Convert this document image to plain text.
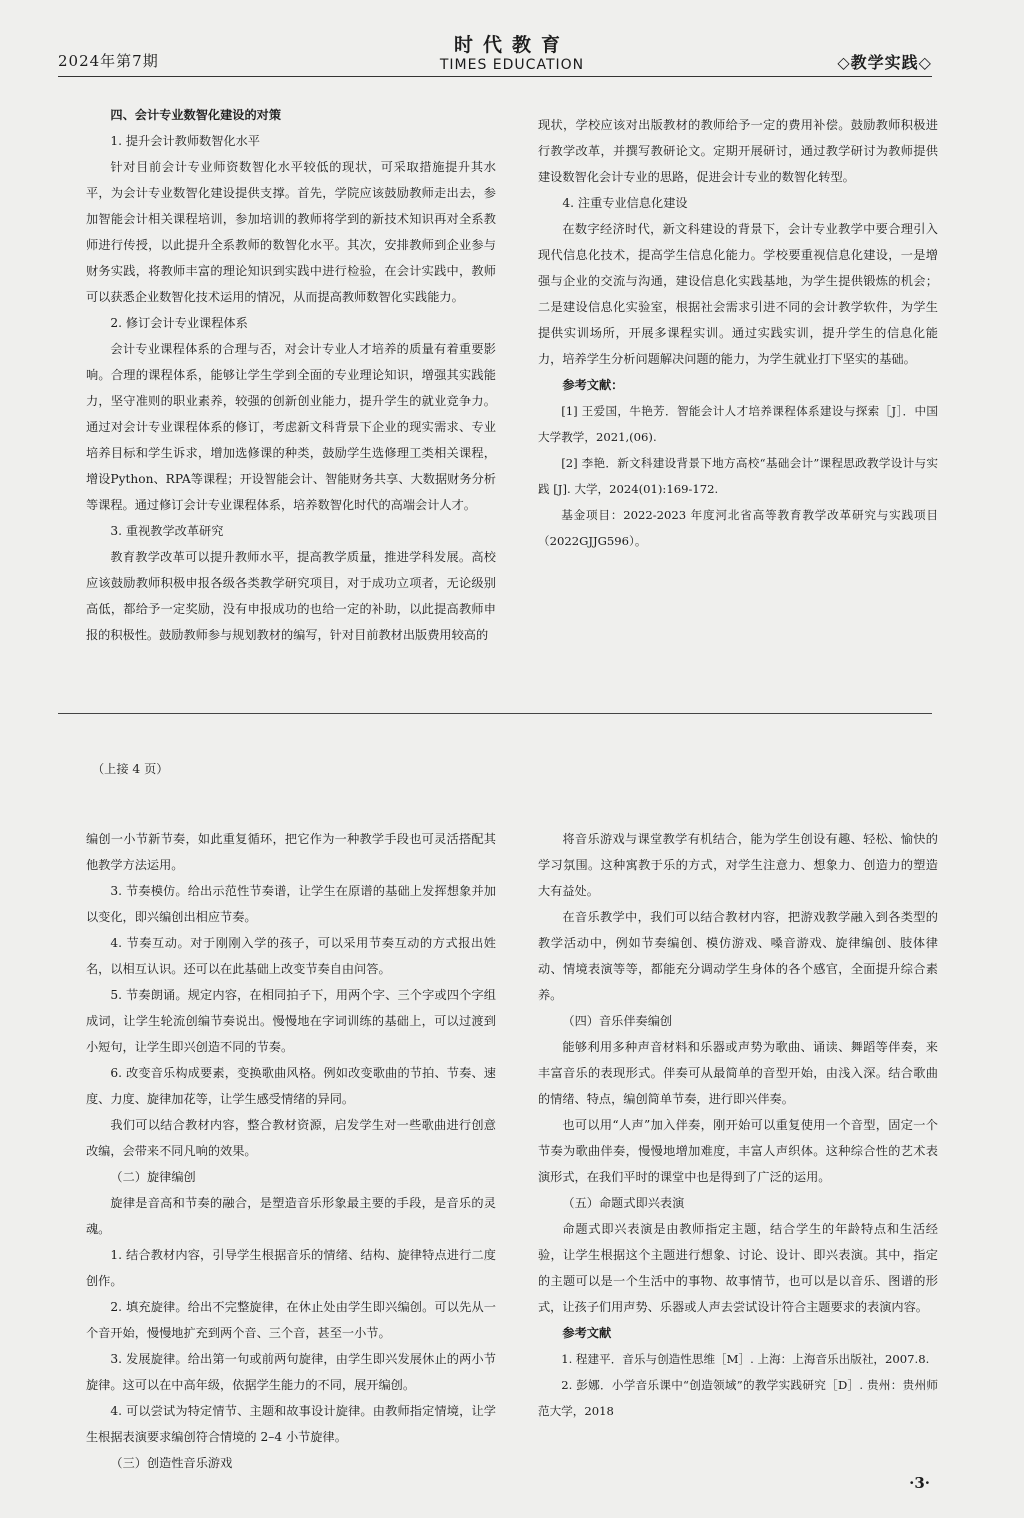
2024年第7期
时代教育
TIMES EDUCATION	◇教学实践◇

四、会计专业数智化建设的对策

1. 提升会计教师数智化水平

针对目前会计专业师资数智化水平较低的现状，可采取措施提升其水平，为会计专业数智化建设提供支撑。首先，学院应该鼓励教师走出去，参加智能会计相关课程培训，参加培训的教师将学到的新技术知识再对全系教师进行传授，以此提升全系教师的数智化水平。其次，安排教师到企业参与财务实践，将教师丰富的理论知识到实践中进行检验，在会计实践中，教师可以获悉企业数智化技术运用的情况，从而提高教师数智化实践能力。

2. 修订会计专业课程体系

会计专业课程体系的合理与否，对会计专业人才培养的质量有着重要影响。合理的课程体系，能够让学生学到全面的专业理论知识，增强其实践能力，坚守准则的职业素养，较强的创新创业能力，提升学生的就业竞争力。通过对会计专业课程体系的修订，考虑新文科背景下企业的现实需求、专业培养目标和学生诉求，增加选修课的种类，鼓励学生选修理工类相关课程，增设Python、RPA等课程；开设智能会计、智能财务共享、大数据财务分析等课程。通过修订会计专业课程体系，培养数智化时代的高端会计人才。

3. 重视教学改革研究

教育教学改革可以提升教师水平，提高教学质量，推进学科发展。高校应该鼓励教师积极申报各级各类教学研究项目，对于成功立项者，无论级别高低，都给予一定奖励，没有申报成功的也给一定的补助，以此提高教师申报的积极性。鼓励教师参与规划教材的编写，针对目前教材出版费用较高的

现状，学校应该对出版教材的教师给予一定的费用补偿。鼓励教师积极进行教学改革，并撰写教研论文。定期开展研讨，通过教学研讨为教师提供建设数智化会计专业的思路，促进会计专业的数智化转型。

4. 注重专业信息化建设

在数字经济时代，新文科建设的背景下，会计专业教学中要合理引入现代信息化技术，提高学生信息化能力。学校要重视信息化建设，一是增强与企业的交流与沟通，建设信息化实践基地，为学生提供锻炼的机会；二是建设信息化实验室，根据社会需求引进不同的会计教学软件，为学生提供实训场所，开展多课程实训。通过实践实训，提升学生的信息化能力，培养学生分析问题解决问题的能力，为学生就业打下坚实的基础。

参考文献：

[1] 王爱国，牛艳芳．智能会计人才培养课程体系建设与探索［J］．中国大学教学，2021,(06).

[2] 李艳．新文科建设背景下地方高校“基础会计”课程思政教学设计与实践 [J]. 大学，2024(01):169-172.

基金项目：2022-2023 年度河北省高等教育教学改革研究与实践项目（2022GJJG596）。

（上接 4 页）

编创一小节新节奏，如此重复循环，把它作为一种教学手段也可灵活搭配其他教学方法运用。

3. 节奏模仿。给出示范性节奏谱，让学生在原谱的基础上发挥想象并加以变化，即兴编创出相应节奏。

4. 节奏互动。对于刚刚入学的孩子，可以采用节奏互动的方式报出姓名，以相互认识。还可以在此基础上改变节奏自由问答。

5. 节奏朗诵。规定内容，在相同拍子下，用两个字、三个字或四个字组成词，让学生轮流创编节奏说出。慢慢地在字词训练的基础上，可以过渡到小短句，让学生即兴创造不同的节奏。

6. 改变音乐构成要素，变换歌曲风格。例如改变歌曲的节拍、节奏、速度、力度、旋律加花等，让学生感受情绪的异同。

我们可以结合教材内容，整合教材资源，启发学生对一些歌曲进行创意改编，会带来不同凡响的效果。

（二）旋律编创

旋律是音高和节奏的融合，是塑造音乐形象最主要的手段，是音乐的灵魂。

1. 结合教材内容，引导学生根据音乐的情绪、结构、旋律特点进行二度创作。

2. 填充旋律。给出不完整旋律，在休止处由学生即兴编创。可以先从一个音开始，慢慢地扩充到两个音、三个音，甚至一小节。

3. 发展旋律。给出第一句或前两句旋律，由学生即兴发展休止的两小节旋律。这可以在中高年级，依据学生能力的不同，展开编创。

4. 可以尝试为特定情节、主题和故事设计旋律。由教师指定情境，让学生根据表演要求编创符合情境的 2–4 小节旋律。

（三）创造性音乐游戏

将音乐游戏与课堂教学有机结合，能为学生创设有趣、轻松、愉快的学习氛围。这种寓教于乐的方式，对学生注意力、想象力、创造力的塑造大有益处。

在音乐教学中，我们可以结合教材内容，把游戏教学融入到各类型的教学活动中，例如节奏编创、模仿游戏、嗓音游戏、旋律编创、肢体律动、情境表演等等，都能充分调动学生身体的各个感官，全面提升综合素养。

（四）音乐伴奏编创

能够利用多种声音材料和乐器或声势为歌曲、诵读、舞蹈等伴奏，来丰富音乐的表现形式。伴奏可从最简单的音型开始，由浅入深。结合歌曲的情绪、特点，编创简单节奏，进行即兴伴奏。

也可以用“人声”加入伴奏，刚开始可以重复使用一个音型，固定一个节奏为歌曲伴奏，慢慢地增加难度，丰富人声织体。这种综合性的艺术表演形式，在我们平时的课堂中也是得到了广泛的运用。

（五）命题式即兴表演

命题式即兴表演是由教师指定主题，结合学生的年龄特点和生活经验，让学生根据这个主题进行想象、讨论、设计、即兴表演。其中，指定的主题可以是一个生活中的事物、故事情节，也可以是以音乐、图谱的形式，让孩子们用声势、乐器或人声去尝试设计符合主题要求的表演内容。

参考文献

1. 程建平．音乐与创造性思维［M］. 上海：上海音乐出版社，2007.8.

2. 彭娜．小学音乐课中“创造领域”的教学实践研究［D］. 贵州：贵州师范大学，2018

·3·
